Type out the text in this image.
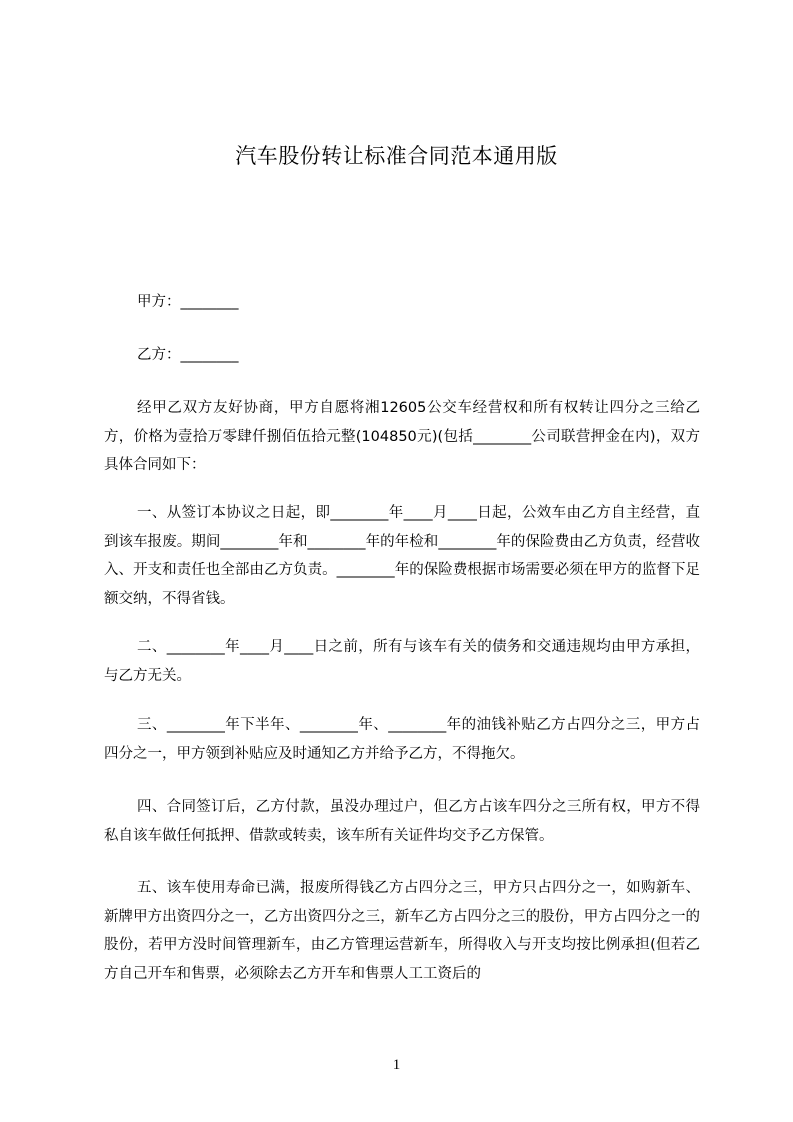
汽车股份转让标准合同范本通用版
甲方：________
乙方：________

经甲乙双方友好协商，甲方自愿将湘12605公交车经营权和所有权转让四分之三给乙方，价格为壹拾万零肆仟捌佰伍拾元整(104850元)(包括________公司联营押金在内)，双方具体合同如下：

一、从签订本协议之日起，即________年____月____日起，公效车由乙方自主经营，直到该车报废。期间________年和________年的年检和________年的保险费由乙方负责，经营收入、开支和责任也全部由乙方负责。________年的保险费根据市场需要必须在甲方的监督下足额交纳，不得省钱。

二、________年____月____日之前，所有与该车有关的债务和交通违规均由甲方承担，与乙方无关。

三、________年下半年、________年、________年的油钱补贴乙方占四分之三，甲方占四分之一，甲方领到补贴应及时通知乙方并给予乙方，不得拖欠。

四、合同签订后，乙方付款，虽没办理过户，但乙方占该车四分之三所有权，甲方不得私自该车做任何抵押、借款或转卖，该车所有关证件均交予乙方保管。

五、该车使用寿命已满，报废所得钱乙方占四分之三，甲方只占四分之一，如购新车、新牌甲方出资四分之一，乙方出资四分之三，新车乙方占四分之三的股份，甲方占四分之一的股份，若甲方没时间管理新车，由乙方管理运营新车，所得收入与开支均按比例承担(但若乙方自己开车和售票，必须除去乙方开车和售票人工工资后的

1
